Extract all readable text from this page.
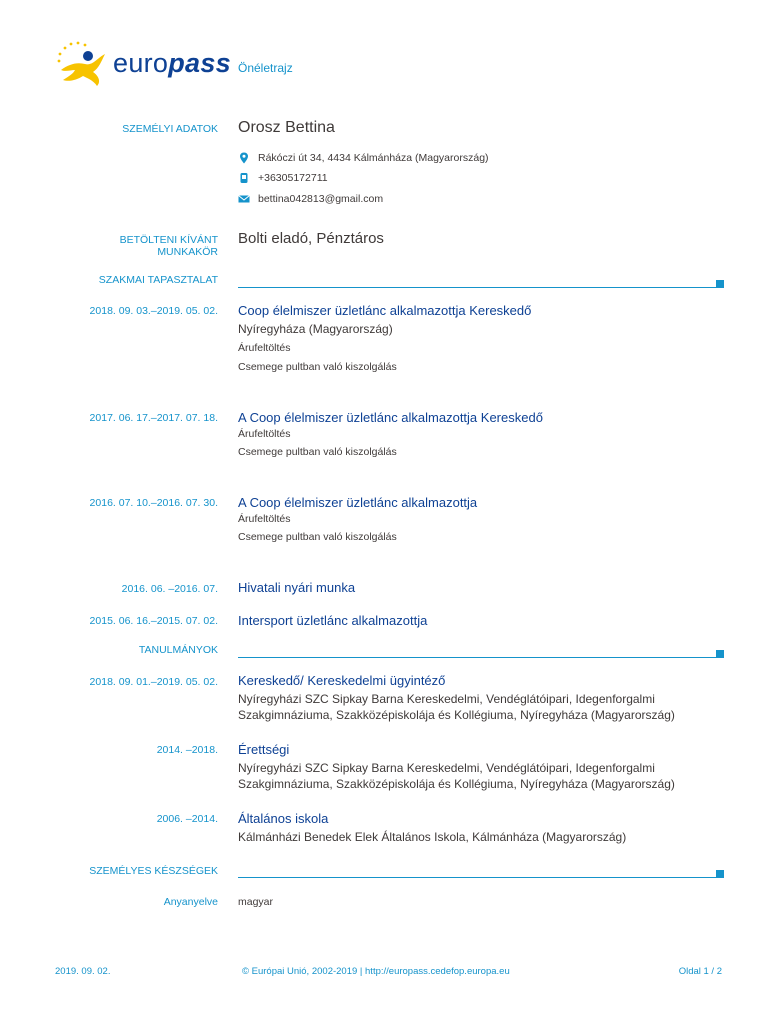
europass Önéletrajz
SZEMÉLYI ADATOK Orosz Bettina
Rákóczi út 34, 4434 Kálmánháza (Magyarország)
+36305172711
bettina042813@gmail.com
BETÖLTENI KÍVÁNT
MUNKAKÖR
Bolti eladó, Pénztáros
SZAKMAI TAPASZTALAT
2018. 09. 03.–2019. 05. 02. Coop élelmiszer üzletlánc alkalmazottja Kereskedő
Nyíregyháza (Magyarország)
Árufeltöltés
Csemege pultban való kiszolgálás
2017. 06. 17.–2017. 07. 18. A Coop élelmiszer üzletlánc alkalmazottja Kereskedő
Árufeltöltés
Csemege pultban való kiszolgálás
2016. 07. 10.–2016. 07. 30. A Coop élelmiszer üzletlánc alkalmazottja
Árufeltöltés
Csemege pultban való kiszolgálás
2016. 06. –2016. 07. Hivatali nyári munka
2015. 06. 16.–2015. 07. 02. Intersport üzletlánc alkalmazottja
TANULMÁNYOK
2018. 09. 01.–2019. 05. 02. Kereskedő/ Kereskedelmi ügyintéző
Nyíregyházi SZC Sipkay Barna Kereskedelmi, Vendéglátóipari, Idegenforgalmi
Szakgimnáziuma, Szakközépiskolája és Kollégiuma, Nyíregyháza (Magyarország)
2014. –2018. Érettségi
Nyíregyházi SZC Sipkay Barna Kereskedelmi, Vendéglátóipari, Idegenforgalmi
Szakgimnáziuma, Szakközépiskolája és Kollégiuma, Nyíregyháza (Magyarország)
2006. –2014. Általános iskola
Kálmánházi Benedek Elek Általános Iskola, Kálmánháza (Magyarország)
SZEMÉLYES KÉSZSÉGEK
Anyanyelve magyar
2019. 09. 02.	© Európai Unió, 2002-2019 | http://europass.cedefop.europa.eu	Oldal 1 / 2
